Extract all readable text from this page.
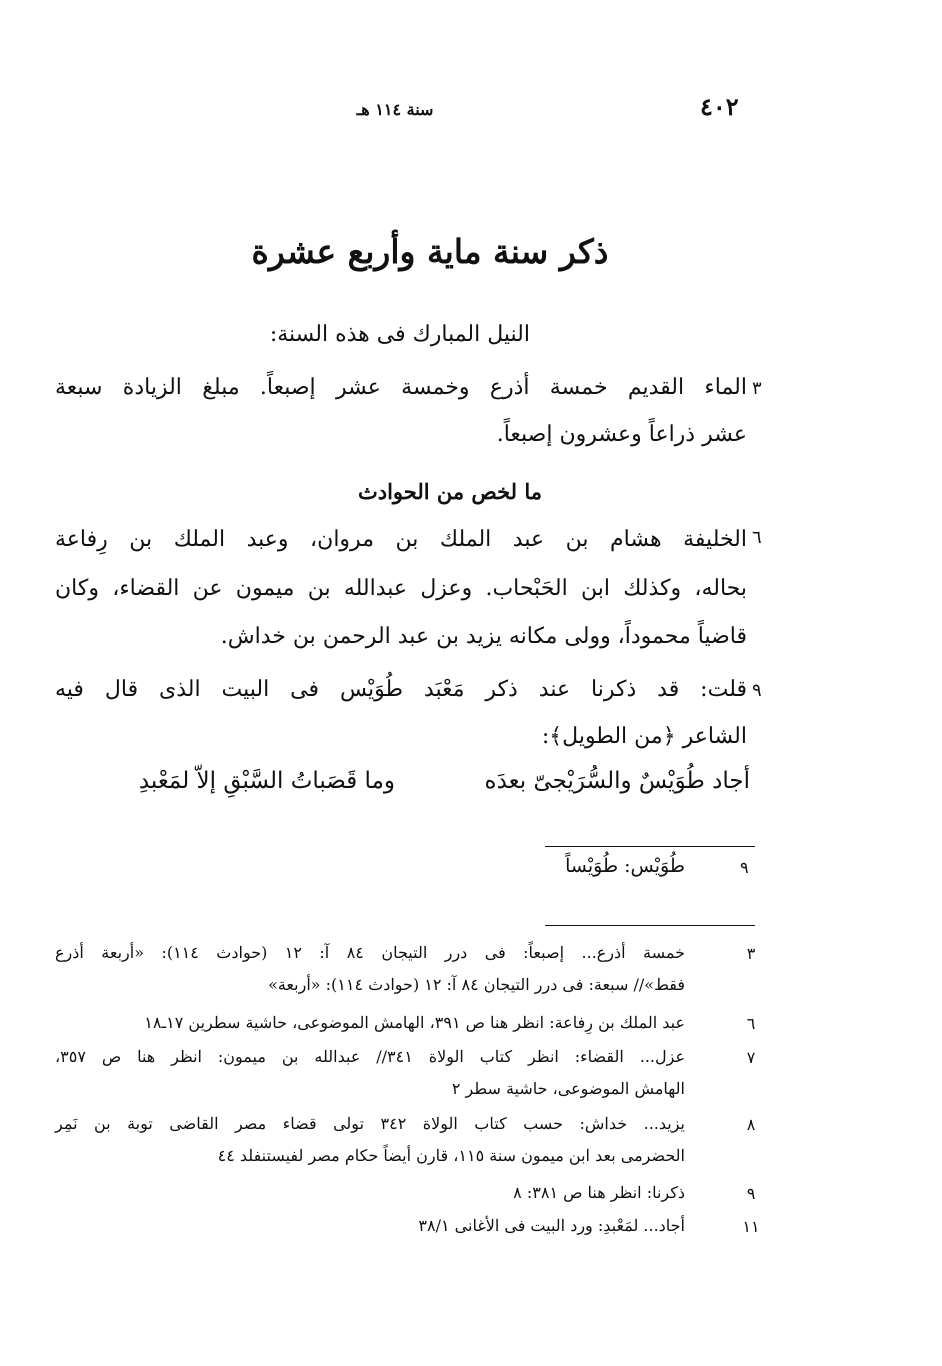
٤٠٢
سنة ١١٤ هـ
ذكر سنة ماية وأربع عشرة
النيل المبارك فى هذه السنة:
٣
الماء القديم خمسة أذرع وخمسة عشر إصبعاً. مبلغ الزيادة سبعة
عشر ذراعاً وعشرون إصبعاً.
ما لخص من الحوادث
٦
الخليفة هشام بن عبد الملك بن مروان، وعبد الملك بن رِفاعة
بحاله، وكذلك ابن الحَبْحاب. وعزل عبدالله بن ميمون عن القضاء، وكان
قاضياً محموداً، وولى مكانه يزيد بن عبد الرحمن بن خداش.
٩
قلت: قد ذكرنا عند ذكر مَعْبَد طُوَيْس فى البيت الذى قال فيه
الشاعر ﴿من الطويل﴾:
أجاد طُوَيْسٌ والسُّرَيْجىّ بعدَه
وما قَصَباتُ السَّبْقِ إلاّ لمَعْبدِ
٩
طُوَيْس: طُوَيْساً
٣
خمسة أذرع... إصبعاً: فى درر التيجان ٨٤ آ: ١٢ (حوادث ١١٤): «أربعة أذرع
فقط»// سبعة: فى درر التيجان ٨٤ آ: ١٢ (حوادث ١١٤): «أربعة»
٦
عبد الملك بن رِفاعة: انظر هنا ص ٣٩١، الهامش الموضوعى، حاشية سطرين ١٧ـ١٨
٧
عزل... القضاء: انظر كتاب الولاة ٣٤١// عبدالله بن ميمون: انظر هنا ص ٣٥٧،
الهامش الموضوعى، حاشية سطر ٢
٨
يزيد... خداش: حسب كتاب الولاة ٣٤٢ تولى قضاء مصر القاضى توبة بن نَمِر
الحضرمى بعد ابن ميمون سنة ١١٥، قارن أيضاً حكام مصر لفيستنفلد ٤٤
٩
ذكرنا: انظر هنا ص ٣٨١: ٨
١١
أجاد... لمَعْبدِ: ورد البيت فى الأغانى ٣٨/١
